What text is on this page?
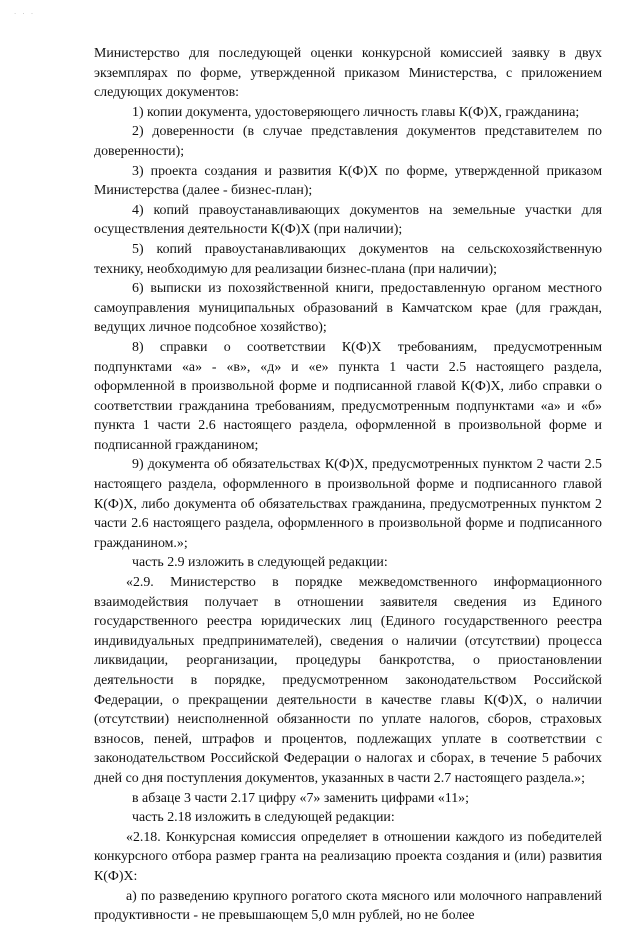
· · ·

Министерство для последующей оценки конкурсной комиссией заявку в двух экземплярах по форме, утвержденной приказом Министерства, с приложением следующих документов:

1) копии документа, удостоверяющего личность главы К(Ф)Х, гражданина;

2) доверенности (в случае представления документов представителем по доверенности);

3) проекта создания и развития К(Ф)Х по форме, утвержденной приказом Министерства (далее - бизнес-план);

4) копий правоустанавливающих документов на земельные участки для осуществления деятельности К(Ф)Х (при наличии);

5) копий правоустанавливающих документов на сельскохозяйственную технику, необходимую для реализации бизнес-плана (при наличии);

6) выписки из похозяйственной книги, предоставленную органом местного самоуправления муниципальных образований в Камчатском крае (для граждан, ведущих личное подсобное хозяйство);

8) справки о соответствии К(Ф)Х требованиям, предусмотренным подпунктами «а» - «в», «д» и «е» пункта 1 части 2.5 настоящего раздела, оформленной в произвольной форме и подписанной главой К(Ф)Х, либо справки о соответствии гражданина требованиям, предусмотренным подпунктами «а» и «б» пункта 1 части 2.6 настоящего раздела, оформленной в произвольной форме и подписанной гражданином;

9) документа об обязательствах К(Ф)Х, предусмотренных пунктом 2 части 2.5 настоящего раздела, оформленного в произвольной форме и подписанного главой К(Ф)Х, либо документа об обязательствах гражданина, предусмотренных пунктом 2 части 2.6 настоящего раздела, оформленного в произвольной форме и подписанного гражданином.»;

часть 2.9 изложить в следующей редакции:

«2.9. Министерство в порядке межведомственного информационного взаимодействия получает в отношении заявителя сведения из Единого государственного реестра юридических лиц (Единого государственного реестра индивидуальных предпринимателей), сведения о наличии (отсутствии) процесса ликвидации, реорганизации, процедуры банкротства, о приостановлении деятельности в порядке, предусмотренном законодательством Российской Федерации, о прекращении деятельности в качестве главы К(Ф)Х, о наличии (отсутствии) неисполненной обязанности по уплате налогов, сборов, страховых взносов, пеней, штрафов и процентов, подлежащих уплате в соответствии с законодательством Российской Федерации о налогах и сборах, в течение 5 рабочих дней со дня поступления документов, указанных в части 2.7 настоящего раздела.»;

в абзаце 3 части 2.17 цифру «7» заменить цифрами «11»;

часть 2.18 изложить в следующей редакции:

«2.18. Конкурсная комиссия определяет в отношении каждого из победителей конкурсного отбора размер гранта на реализацию проекта создания и (или) развития К(Ф)Х:

а) по разведению крупного рогатого скота мясного или молочного направлений продуктивности - не превышающем 5,0 млн рублей, но не более
